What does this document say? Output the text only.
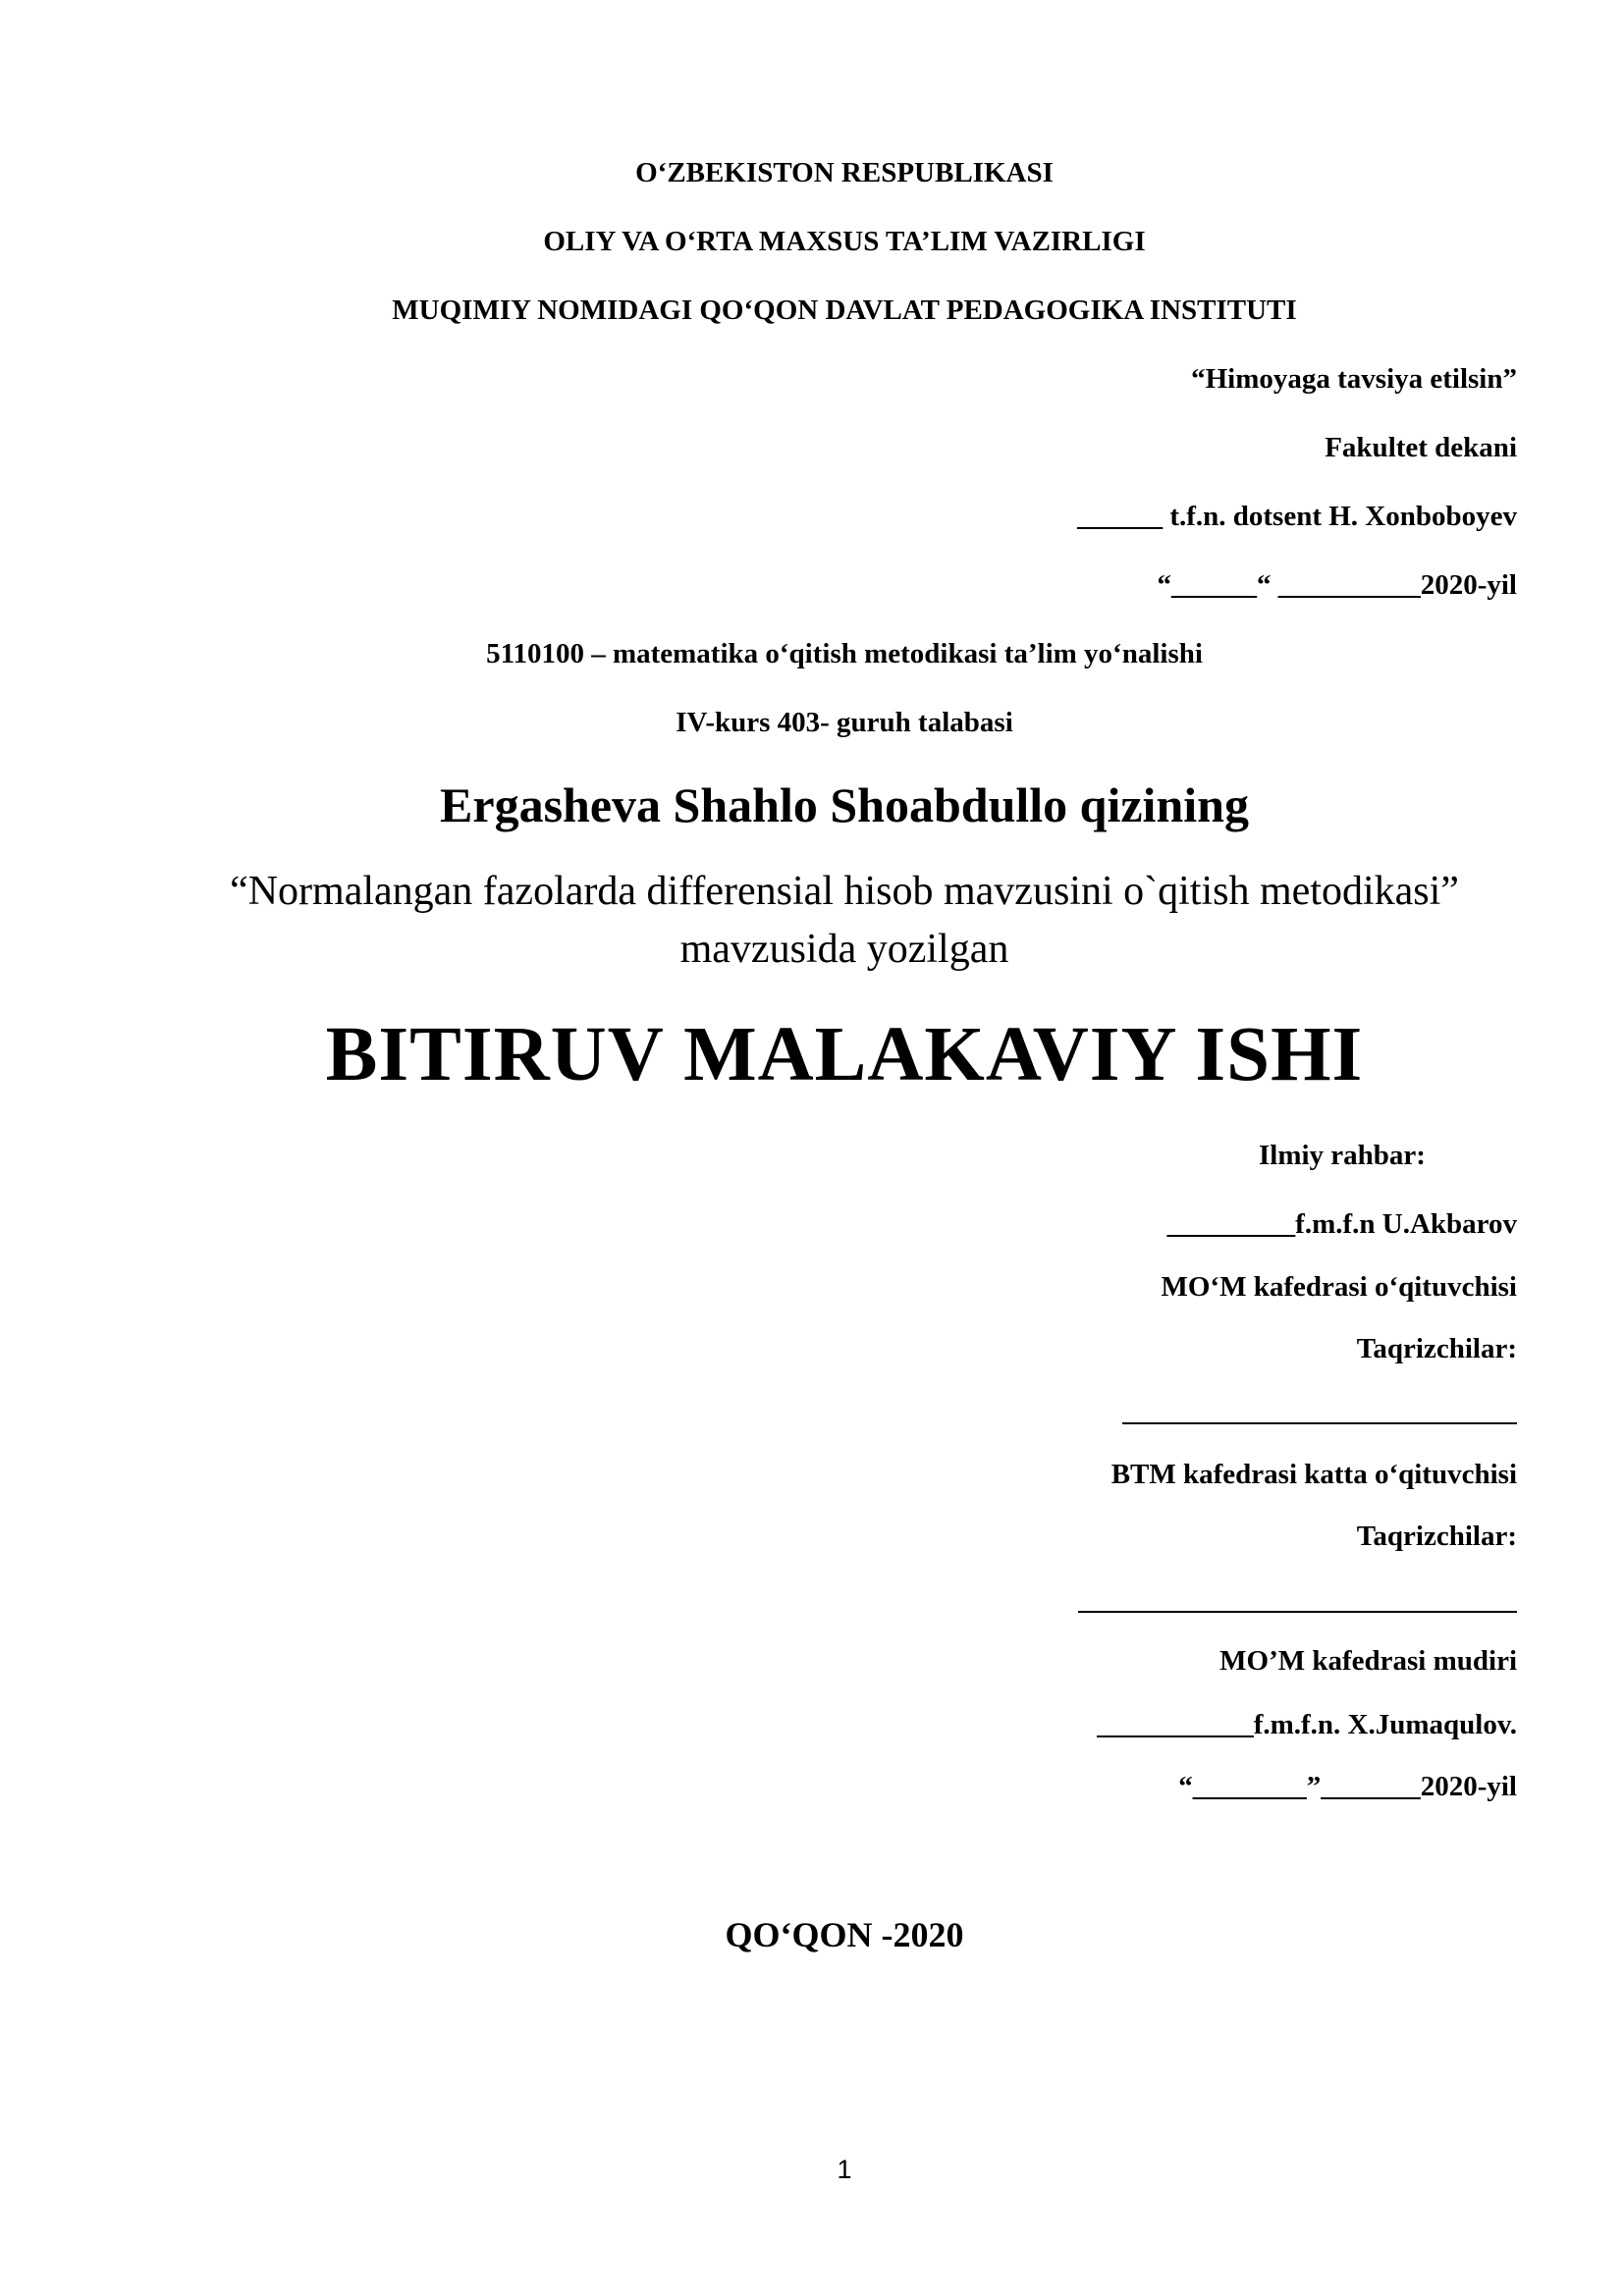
O‘ZBEKISTON RESPUBLIKASI
OLIY VA O‘RTA MAXSUS TA’LIM VAZIRLIGI
MUQIMIY NOMIDAGI QO‘QON DAVLAT PEDAGOGIKA INSTITUTI
“Himoyaga tavsiya etilsin”
Fakultet dekani
______ t.f.n. dotsent H. Xonboboyev
“______“ __________2020-yil
5110100 – matematika o‘qitish metodikasi ta’lim yo‘nalishi
IV-kurs 403- guruh talabasi
Ergasheva Shahlo Shoabdullo qizining
“Normalangan fazolarda differensial hisob mavzusini o`qitish metodikasi”
mavzusida yozilgan
BITIRUV MALAKAVIY ISHI
Ilmiy rahbar:
_________f.m.f.n U.Akbarov
MO‘M kafedrasi o‘qituvchisi
Taqrizchilar:
BTM kafedrasi katta o‘qituvchisi
Taqrizchilar:
MO’M kafedrasi mudiri
___________f.m.f.n. X.Jumaqulov.
“________”_______2020-yil
QO‘QON -2020
1
